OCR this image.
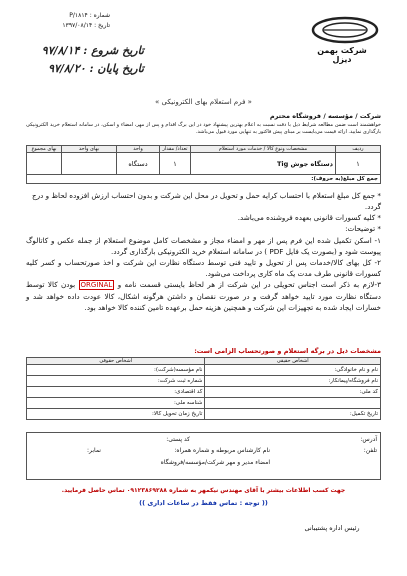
شرکت بهمن دیزل
شماره : P/۱۸۱۴
تاریخ : ۱۳۹۷/۰۸/۱۴
تاریخ شروع : ۹۷/۸/۱۴
تاریخ پایان : ۹۷/۸/۲۰
« فرم استعلام بهای الکترونیکی »
شرکت / مؤسسه / فروشگاه محترم
خواهشمند است ضمن مطالعه شرایط ذیل با دقت نسبت به اعلام بهترین پیشنهاد خود در این برگ اقدام و پس از مهر، امضاء و اسکن، در سامانه استعلام خرید الکترونیکی بارگذاری نمایید. ارائه قیمت می‌بایست بر مبنای پیش فاکتور به تنهایی مورد قبول می‌باشد.
ردیف	مشخصات ونوع کالا / خدمات مورد استعلام	تعداد/ مقدار	واحد	بهای واحد	بهای مجموع
۱	دستگاه جوش Tig	۱	دستگاه		
جمع کل مبلغ(به حروف):					
* جمع کل مبلغ استعلام با احتساب کرایه حمل و تحویل در محل این شرکت و بدون احتساب ارزش افزوده لحاظ و درج گردد.
* کلیه کسورات قانونی بعهده فروشنده می‌باشد.
* توضیحات:
۱- اسکن تکمیل شده این فرم پس از مهر و امضاء مجاز و مشخصات کامل موضوع استعلام از جمله عکس و کاتالوگ پیوست شود و (بصورت یک فایل PDF ) در سامانه استعلام خرید الکترونیکی بارگذاری گردد.
۲- کل بهای کالا/خدمات پس از تحویل و تایید فنی توسط دستگاه نظارت این شرکت و اخذ صورتحساب و کسر کلیه کسورات قانونی طرف مدت یک ماه کاری پرداخت می‌شود.
۳-لازم به ذکر است اجناس تحویلی در این شرکت از هر لحاظ بایستی قسمت نامه و ORGINAL بودن کالا توسط دستگاه نظارت مورد تایید خواهد گرفت و در صورت نقصان و داشتن هرگونه اشکال، کالا عودت داده خواهد شد و خسارات ایجاد شده به تجهیزات این شرکت و همچنین هزینه حمل برعهده تامین کننده کالا خواهد بود.
مشخصات ذیل در برگه استعلام و صورتحساب الزامی است:
اشخاص حقیقی	اشخاص حقوقی
نام و نام خانوادگی:	نام مؤسسه(شرکت):
نام فروشگاه/پیمانکار:	شماره ثبت شرکت:
کد ملی:	کد اقتصادی:
	شناسه ملی:
تاریخ تکمیل:	تاریخ زمان تحویل کالا:
آدرس:
تلفن:
کد پستی:
نام کارشناس مربوطه و شماره همراه:
نمابر:
امضاء مدیر و مهر شرکت/مؤسسه/فروشگاه
جهت کسب اطلاعات بیشتر با آقای مهندس نیکمهر به شماره ۰۹۱۲۳۸۶۹۲۸۸ تماس حاصل فرمایید.
(( توجه : تماس فقط در ساعات اداری ))
رئیس اداره پشتیبانی
